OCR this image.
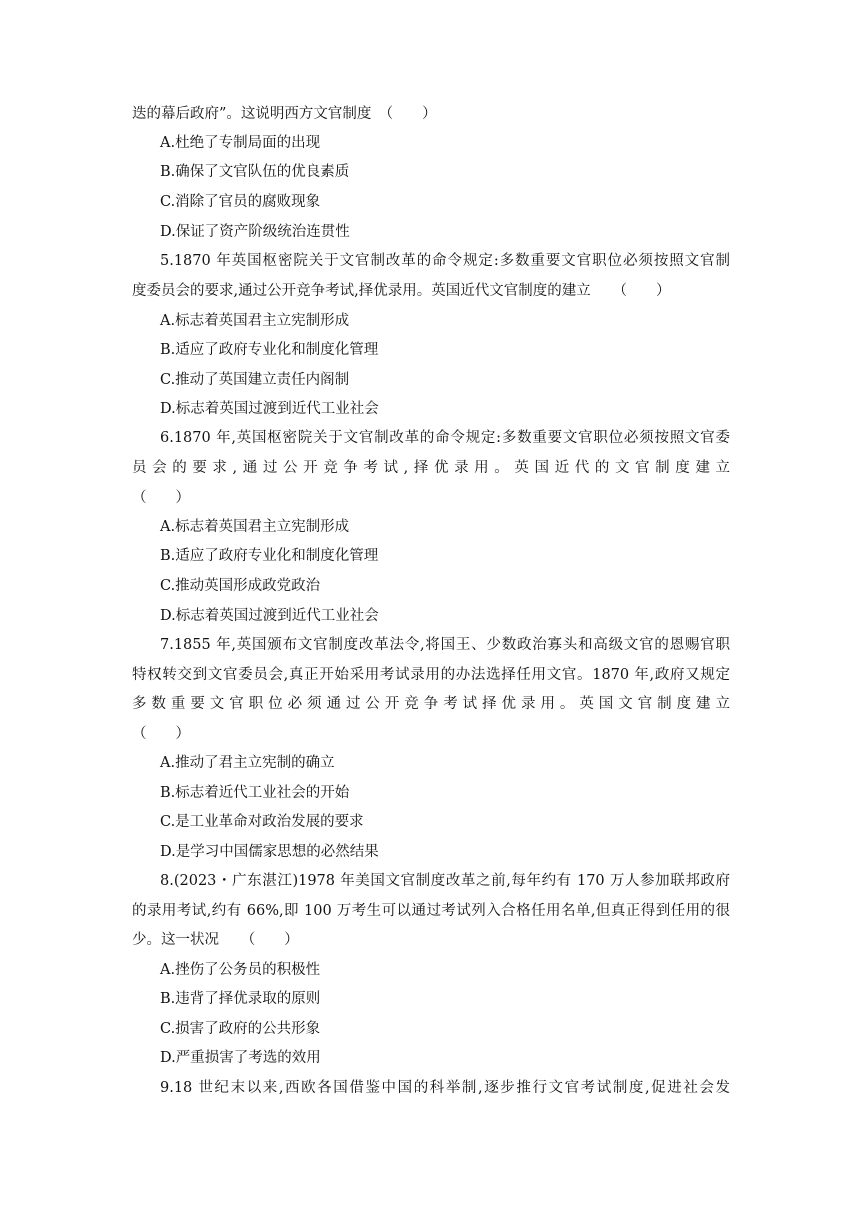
迭的幕后政府”。这说明西方文官制度　（　　）
A.杜绝了专制局面的出现
B.确保了文官队伍的优良素质
C.消除了官员的腐败现象
D.保证了资产阶级统治连贯性
5.1870 年英国枢密院关于文官制改革的命令规定:多数重要文官职位必须按照文官制
度委员会的要求,通过公开竞争考试,择优录用。英国近代文官制度的建立　　（　　）
A.标志着英国君主立宪制形成
B.适应了政府专业化和制度化管理
C.推动了英国建立责任内阁制
D.标志着英国过渡到近代工业社会
6.1870 年,英国枢密院关于文官制改革的命令规定:多数重要文官职位必须按照文官委
员会的要求,通过公开竞争考试,择优录用。英国近代的文官制度建立
（　　）
A.标志着英国君主立宪制形成
B.适应了政府专业化和制度化管理
C.推动英国形成政党政治
D.标志着英国过渡到近代工业社会
7.1855 年,英国颁布文官制度改革法令,将国王、少数政治寡头和高级文官的恩赐官职
特权转交到文官委员会,真正开始采用考试录用的办法选择任用文官。1870 年,政府又规定
多数重要文官职位必须通过公开竞争考试择优录用。英国文官制度建立
（　　）
A.推动了君主立宪制的确立
B.标志着近代工业社会的开始
C.是工业革命对政治发展的要求
D.是学习中国儒家思想的必然结果
8.(2023・广东湛江)1978 年美国文官制度改革之前,每年约有 170 万人参加联邦政府
的录用考试,约有 66%,即 100 万考生可以通过考试列入合格任用名单,但真正得到任用的很
少。这一状况　　（　　）
A.挫伤了公务员的积极性
B.违背了择优录取的原则
C.损害了政府的公共形象
D.严重损害了考选的效用
9.18 世纪末以来,西欧各国借鉴中国的科举制,逐步推行文官考试制度,促进社会发
